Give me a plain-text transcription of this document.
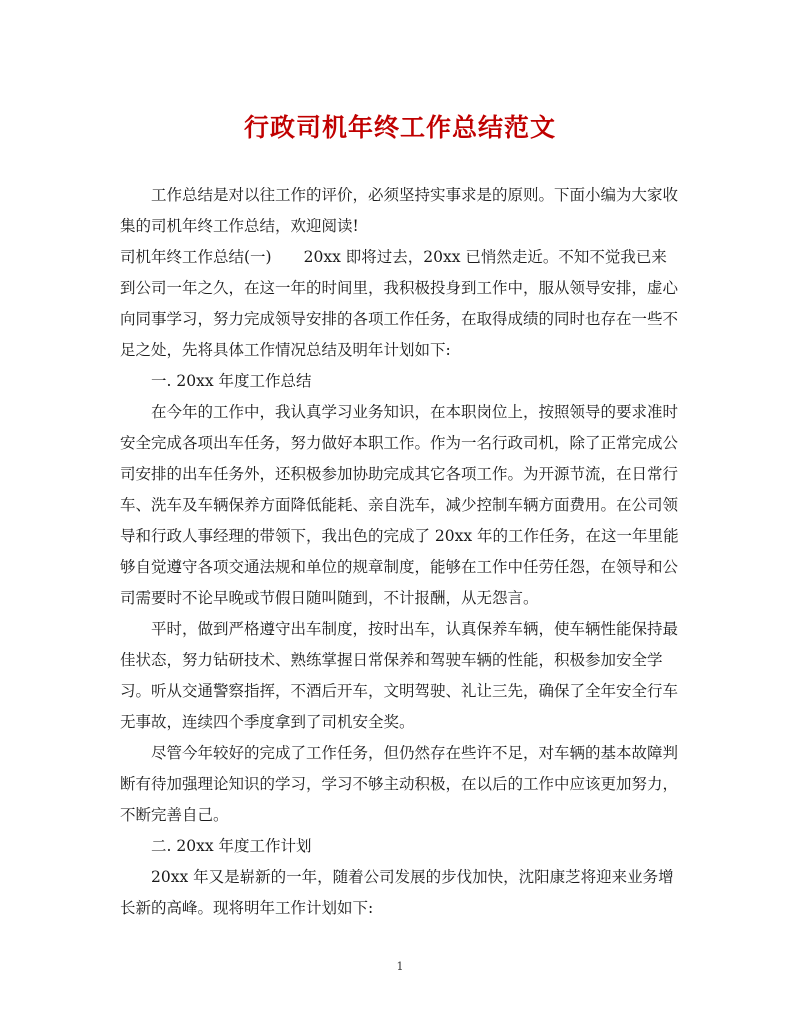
行政司机年终工作总结范文

工作总结是对以往工作的评价，必须坚持实事求是的原则。下面小编为大家收集的司机年终工作总结，欢迎阅读!

司机年终工作总结(一) 20xx 即将过去，20xx 已悄然走近。不知不觉我已来到公司一年之久，在这一年的时间里，我积极投身到工作中，服从领导安排，虚心向同事学习，努力完成领导安排的各项工作任务，在取得成绩的同时也存在一些不足之处，先将具体工作情况总结及明年计划如下:

一. 20xx 年度工作总结

在今年的工作中，我认真学习业务知识，在本职岗位上，按照领导的要求准时安全完成各项出车任务，努力做好本职工作。作为一名行政司机，除了正常完成公司安排的出车任务外，还积极参加协助完成其它各项工作。为开源节流，在日常行车、洗车及车辆保养方面降低能耗、亲自洗车，减少控制车辆方面费用。在公司领导和行政人事经理的带领下，我出色的完成了 20xx 年的工作任务，在这一年里能够自觉遵守各项交通法规和单位的规章制度，能够在工作中任劳任怨，在领导和公司需要时不论早晚或节假日随叫随到，不计报酬，从无怨言。

平时，做到严格遵守出车制度，按时出车，认真保养车辆，使车辆性能保持最佳状态，努力钻研技术、熟练掌握日常保养和驾驶车辆的性能，积极参加安全学习。听从交通警察指挥，不酒后开车，文明驾驶、礼让三先，确保了全年安全行车无事故，连续四个季度拿到了司机安全奖。

尽管今年较好的完成了工作任务，但仍然存在些许不足，对车辆的基本故障判断有待加强理论知识的学习，学习不够主动积极，在以后的工作中应该更加努力，不断完善自己。

二. 20xx 年度工作计划

20xx 年又是崭新的一年，随着公司发展的步伐加快，沈阳康芝将迎来业务增长新的高峰。现将明年工作计划如下:

1
